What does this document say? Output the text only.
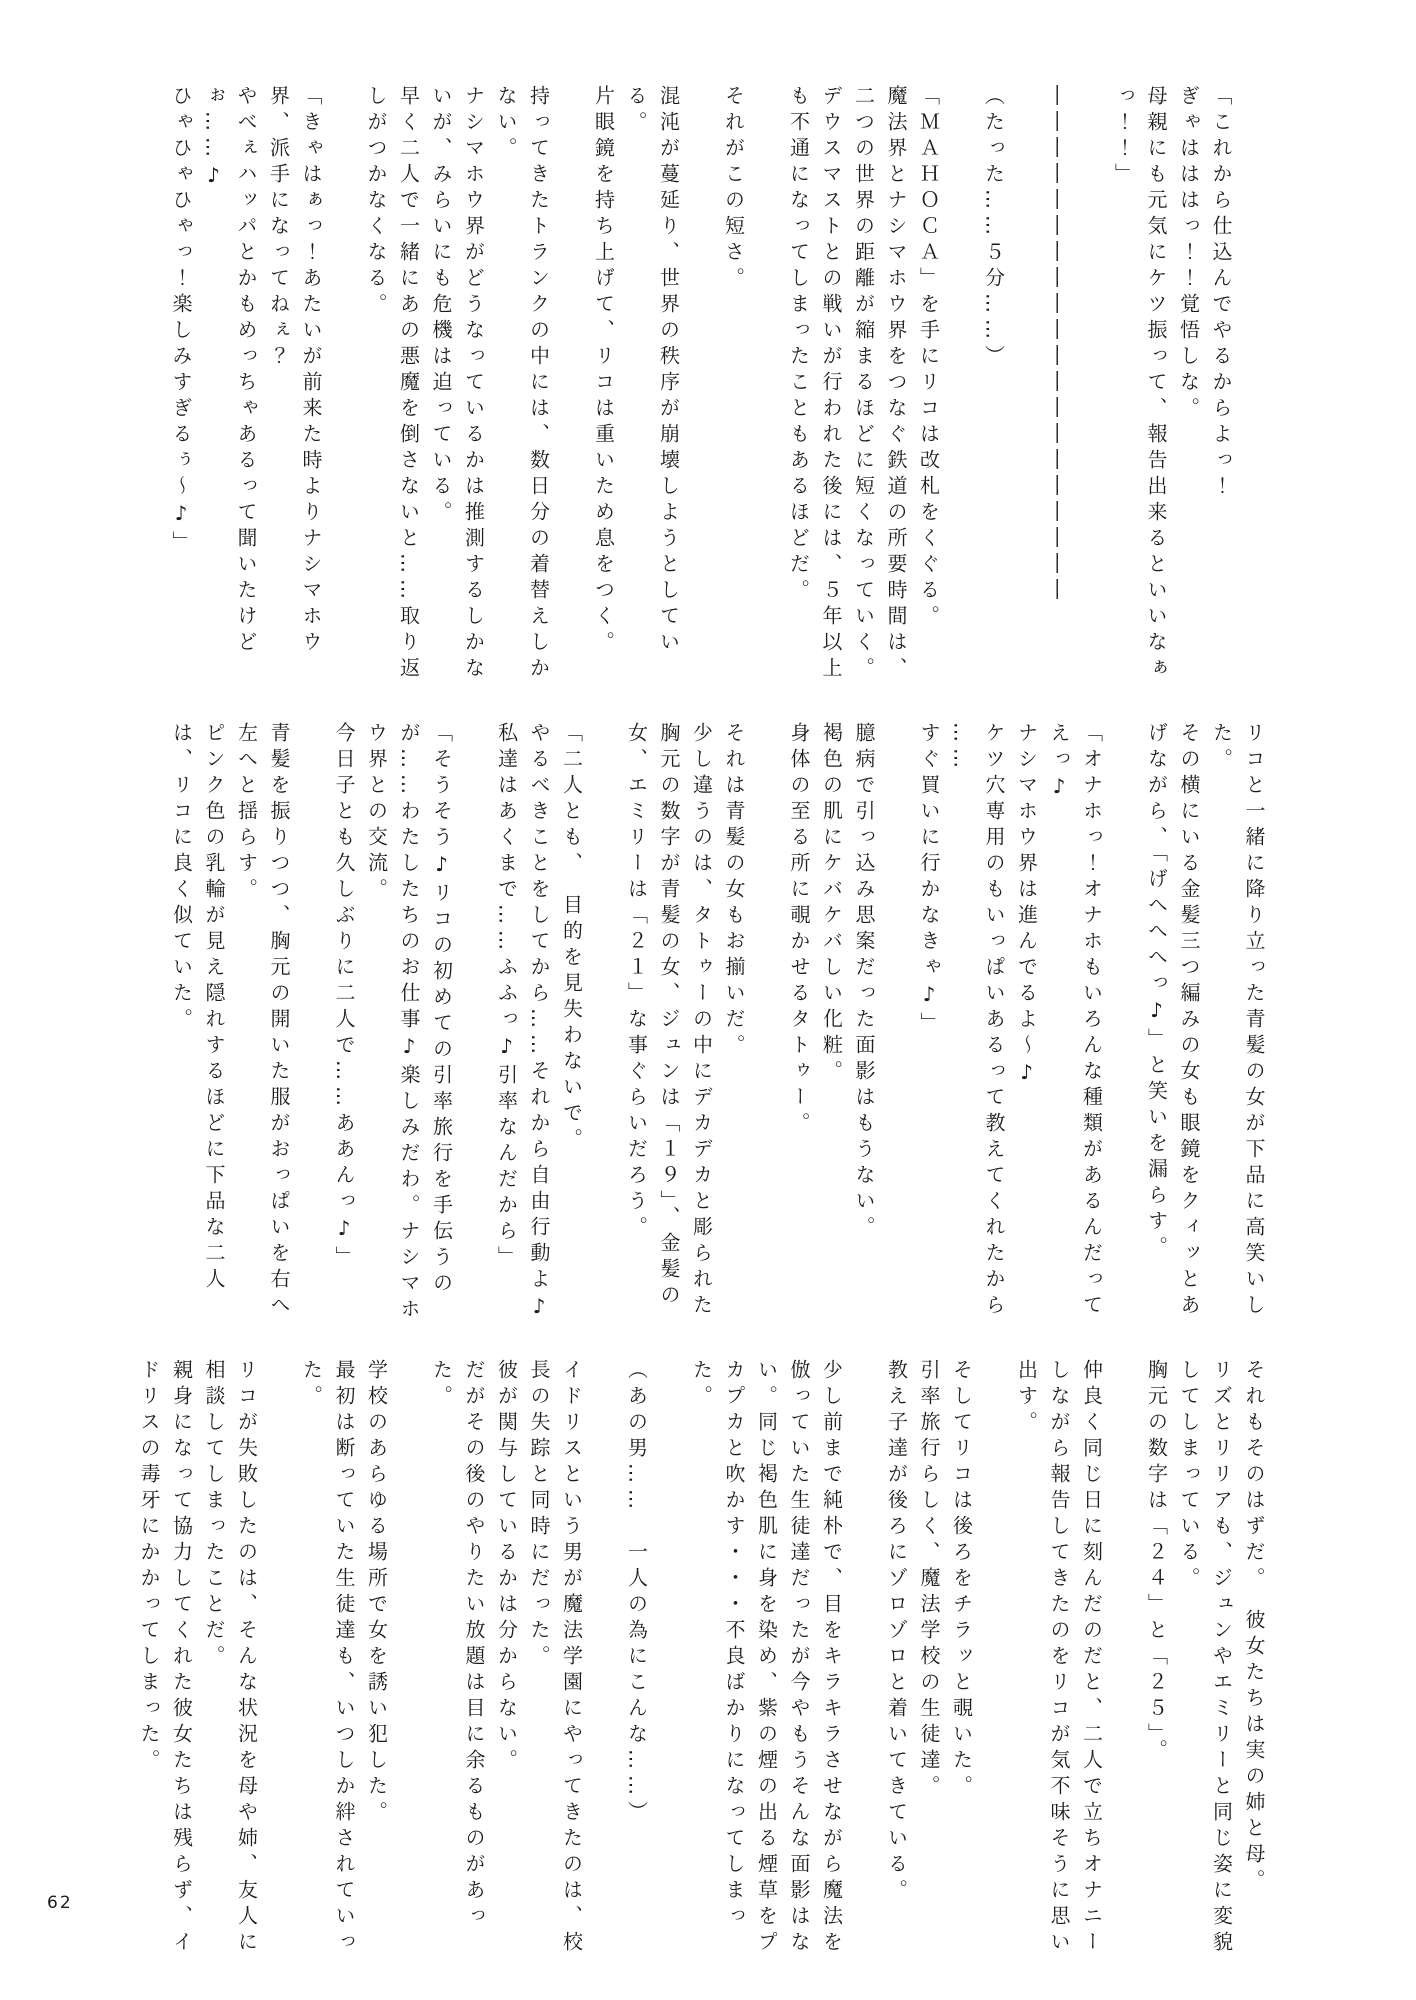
「これから仕込んでやるからよっ！

ぎゃはははっ！！覚悟しな。

母親にも元気にケツ振って、報告出来るといいなぁっ！！」

――――――――――――――――――――

（たった……５分……）

「ＭＡＨＯＣＡ」を手にリコは改札をくぐる。

魔法界とナシマホウ界をつなぐ鉄道の所要時間は、二つの世界の距離が縮まるほどに短くなっていく。デウスマストとの戦いが行われた後には、５年以上も不通になってしまったこともあるほどだ。

それがこの短さ。

混沌が蔓延り、世界の秩序が崩壊しようとしている。

片眼鏡を持ち上げて、リコは重いため息をつく。

持ってきたトランクの中には、数日分の着替えしかない。

ナシマホウ界がどうなっているかは推測するしかないが、みらいにも危機は迫っている。

早く二人で一緒にあの悪魔を倒さないと……取り返しがつかなくなる。

「きゃはぁっ！あたいが前来た時よりナシマホウ界、派手になってねぇ？

やべぇハッパとかもめっちゃあるって聞いたけどぉ……♪

ひゃひゃひゃっ！楽しみすぎるぅ〜♪」

リコと一緒に降り立った青髪の女が下品に高笑いした。

その横にいる金髪三つ編みの女も眼鏡をクィッとあげながら、「げへへへっ♪」と笑いを漏らす。

「オナホっ！オナホもいろんな種類があるんだってえっ♪

ナシマホウ界は進んでるよ〜♪

ケツ穴専用のもいっぱいあるって教えてくれたから

……

すぐ買いに行かなきゃ♪」

臆病で引っ込み思案だった面影はもうない。

褐色の肌にケバケバしい化粧。

身体の至る所に覗かせるタトゥー。

それは青髪の女もお揃いだ。

少し違うのは、タトゥーの中にデカデカと彫られた胸元の数字が青髪の女、ジュンは「１９」、金髪の女、エミリーは「２１」な事ぐらいだろう。

「二人とも、　目的を見失わないで。

やるべきことをしてから……それから自由行動よ♪

私達はあくまで……ふふっ♪引率なんだから」

「そうそう♪リコの初めての引率旅行を手伝うのが……わたしたちのお仕事♪楽しみだわ。ナシマホウ界との交流。

今日子とも久しぶりに二人で……ああんっ♪」

青髪を振りつつ、胸元の開いた服がおっぱいを右へ左へと揺らす。

ピンク色の乳輪が見え隠れするほどに下品な二人は、リコに良く似ていた。

それもそのはずだ。　彼女たちは実の姉と母。

リズとリリアも、ジュンやエミリーと同じ姿に変貌してしまっている。

胸元の数字は「２４」と「２５」。

仲良く同じ日に刻んだのだと、二人で立ちオナニーしながら報告してきたのをリコが気不味そうに思い出す。

そしてリコは後ろをチラッと覗いた。

引率旅行らしく、魔法学校の生徒達。

教え子達が後ろにゾロゾロと着いてきている。

少し前まで純朴で、目をキラキラさせながら魔法を倣っていた生徒達だったが今やもうそんな面影はない。同じ褐色肌に身を染め、紫の煙の出る煙草をプカプカと吹かす・・・不良ばかりになってしまった。

（あの男……　一人の為にこんな……）

イドリスという男が魔法学園にやってきたのは、校長の失踪と同時にだった。

彼が関与しているかは分からない。

だがその後のやりたい放題は目に余るものがあった。

学校のあらゆる場所で女を誘い犯した。

最初は断っていた生徒達も、いつしか絆されていった。

リコが失敗したのは、そんな状況を母や姉、友人に相談してしまったことだ。

親身になって協力してくれた彼女たちは残らず、イドリスの毒牙にかかってしまった。

62
